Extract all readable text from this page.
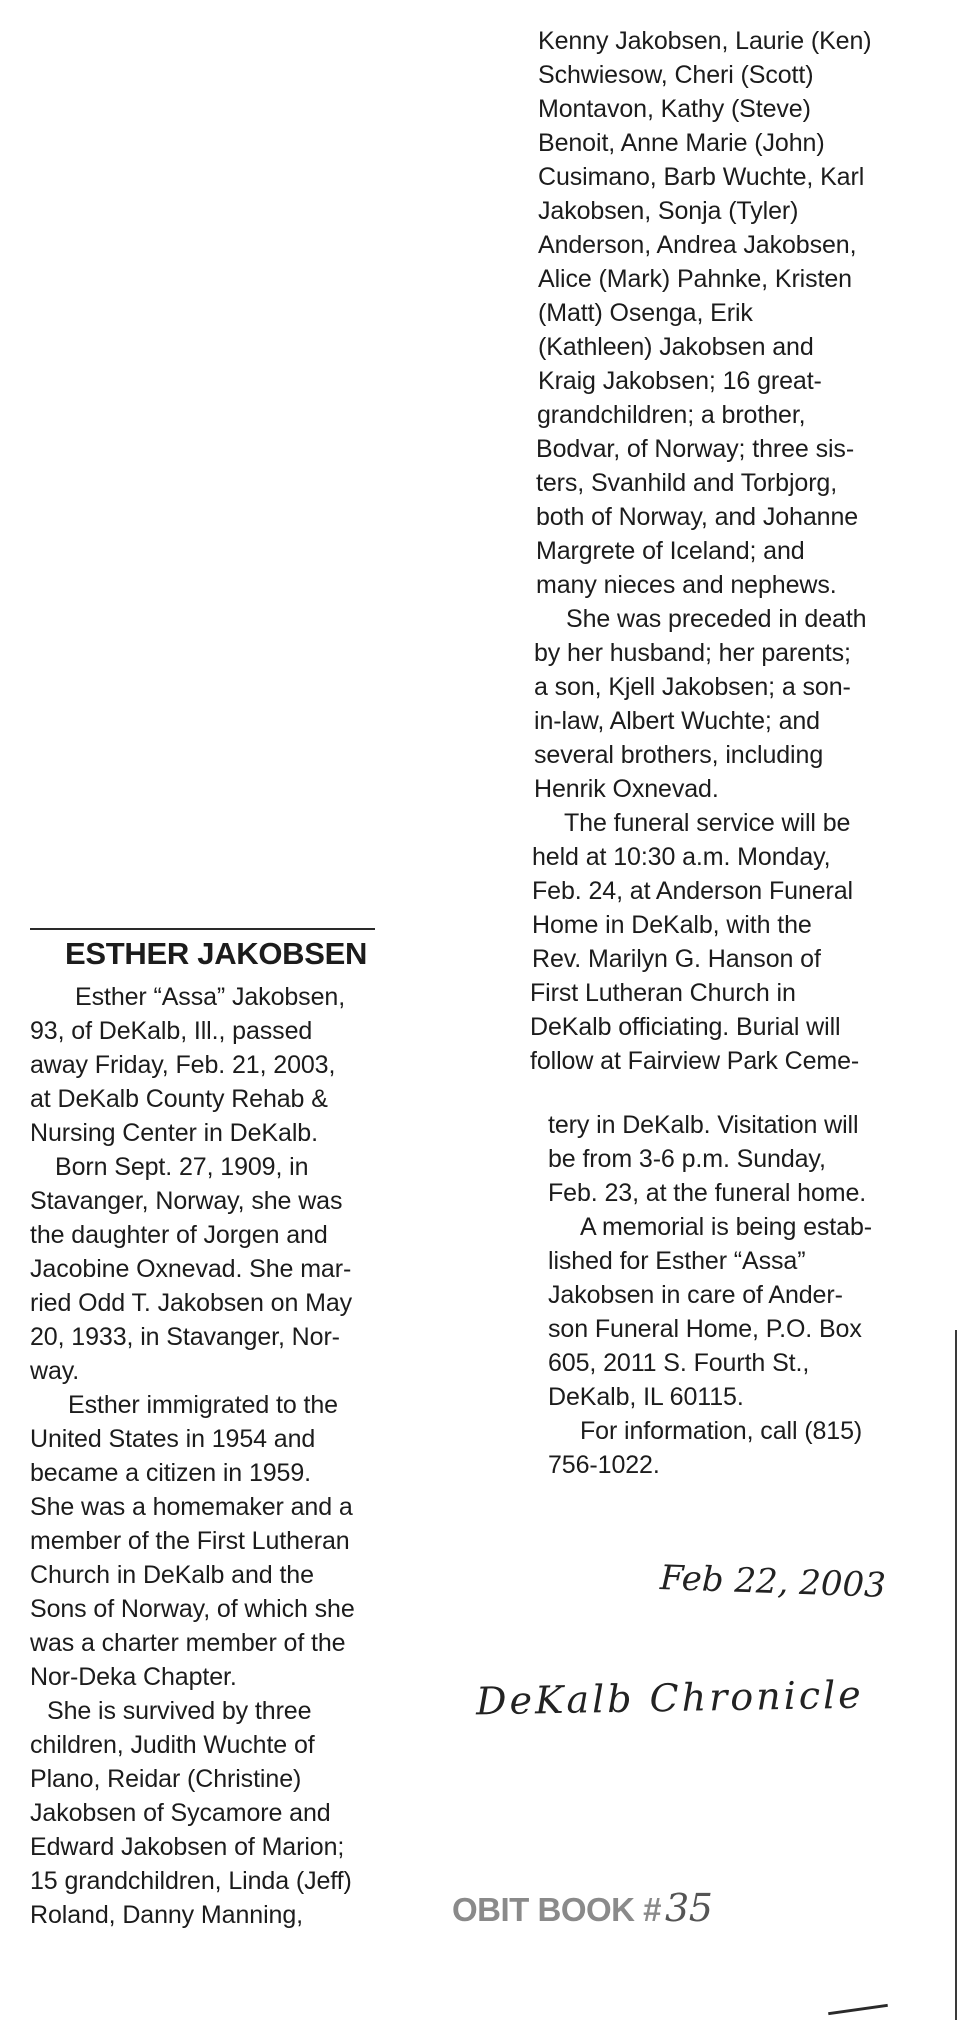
ESTHER JAKOBSEN
Esther “Assa” Jakobsen,
93, of DeKalb, Ill., passed
away Friday, Feb. 21, 2003,
at DeKalb County Rehab &
Nursing Center in DeKalb.
Born Sept. 27, 1909, in
Stavanger, Norway, she was
the daughter of Jorgen and
Jacobine Oxnevad. She mar-
ried Odd T. Jakobsen on May
20, 1933, in Stavanger, Nor-
way.
Esther immigrated to the
United States in 1954 and
became a citizen in 1959.
She was a homemaker and a
member of the First Lutheran
Church in DeKalb and the
Sons of Norway, of which she
was a charter member of the
Nor-Deka Chapter.
She is survived by three
children, Judith Wuchte of
Plano, Reidar (Christine)
Jakobsen of Sycamore and
Edward Jakobsen of Marion;
15 grandchildren, Linda (Jeff)
Roland, Danny Manning,
Kenny Jakobsen, Laurie (Ken)
Schwiesow, Cheri (Scott)
Montavon, Kathy (Steve)
Benoit, Anne Marie (John)
Cusimano, Barb Wuchte, Karl
Jakobsen, Sonja (Tyler)
Anderson, Andrea Jakobsen,
Alice (Mark) Pahnke, Kristen
(Matt) Osenga, Erik
(Kathleen) Jakobsen and
Kraig Jakobsen; 16 great-
grandchildren; a brother,
Bodvar, of Norway; three sis-
ters, Svanhild and Torbjorg,
both of Norway, and Johanne
Margrete of Iceland; and
many nieces and nephews.
She was preceded in death
by her husband; her parents;
a son, Kjell Jakobsen; a son-
in-law, Albert Wuchte; and
several brothers, including
Henrik Oxnevad.
The funeral service will be
held at 10:30 a.m. Monday,
Feb. 24, at Anderson Funeral
Home in DeKalb, with the
Rev. Marilyn G. Hanson of
First Lutheran Church in
DeKalb officiating. Burial will
follow at Fairview Park Ceme-
tery in DeKalb. Visitation will
be from 3-6 p.m. Sunday,
Feb. 23, at the funeral home.
A memorial is being estab-
lished for Esther “Assa”
Jakobsen in care of Ander-
son Funeral Home, P.O. Box
605, 2011 S. Fourth St.,
DeKalb, IL 60115.
For information, call (815)
756-1022.
Feb 22, 2003
DeKalb Chronicle
OBIT BOOK # 35
